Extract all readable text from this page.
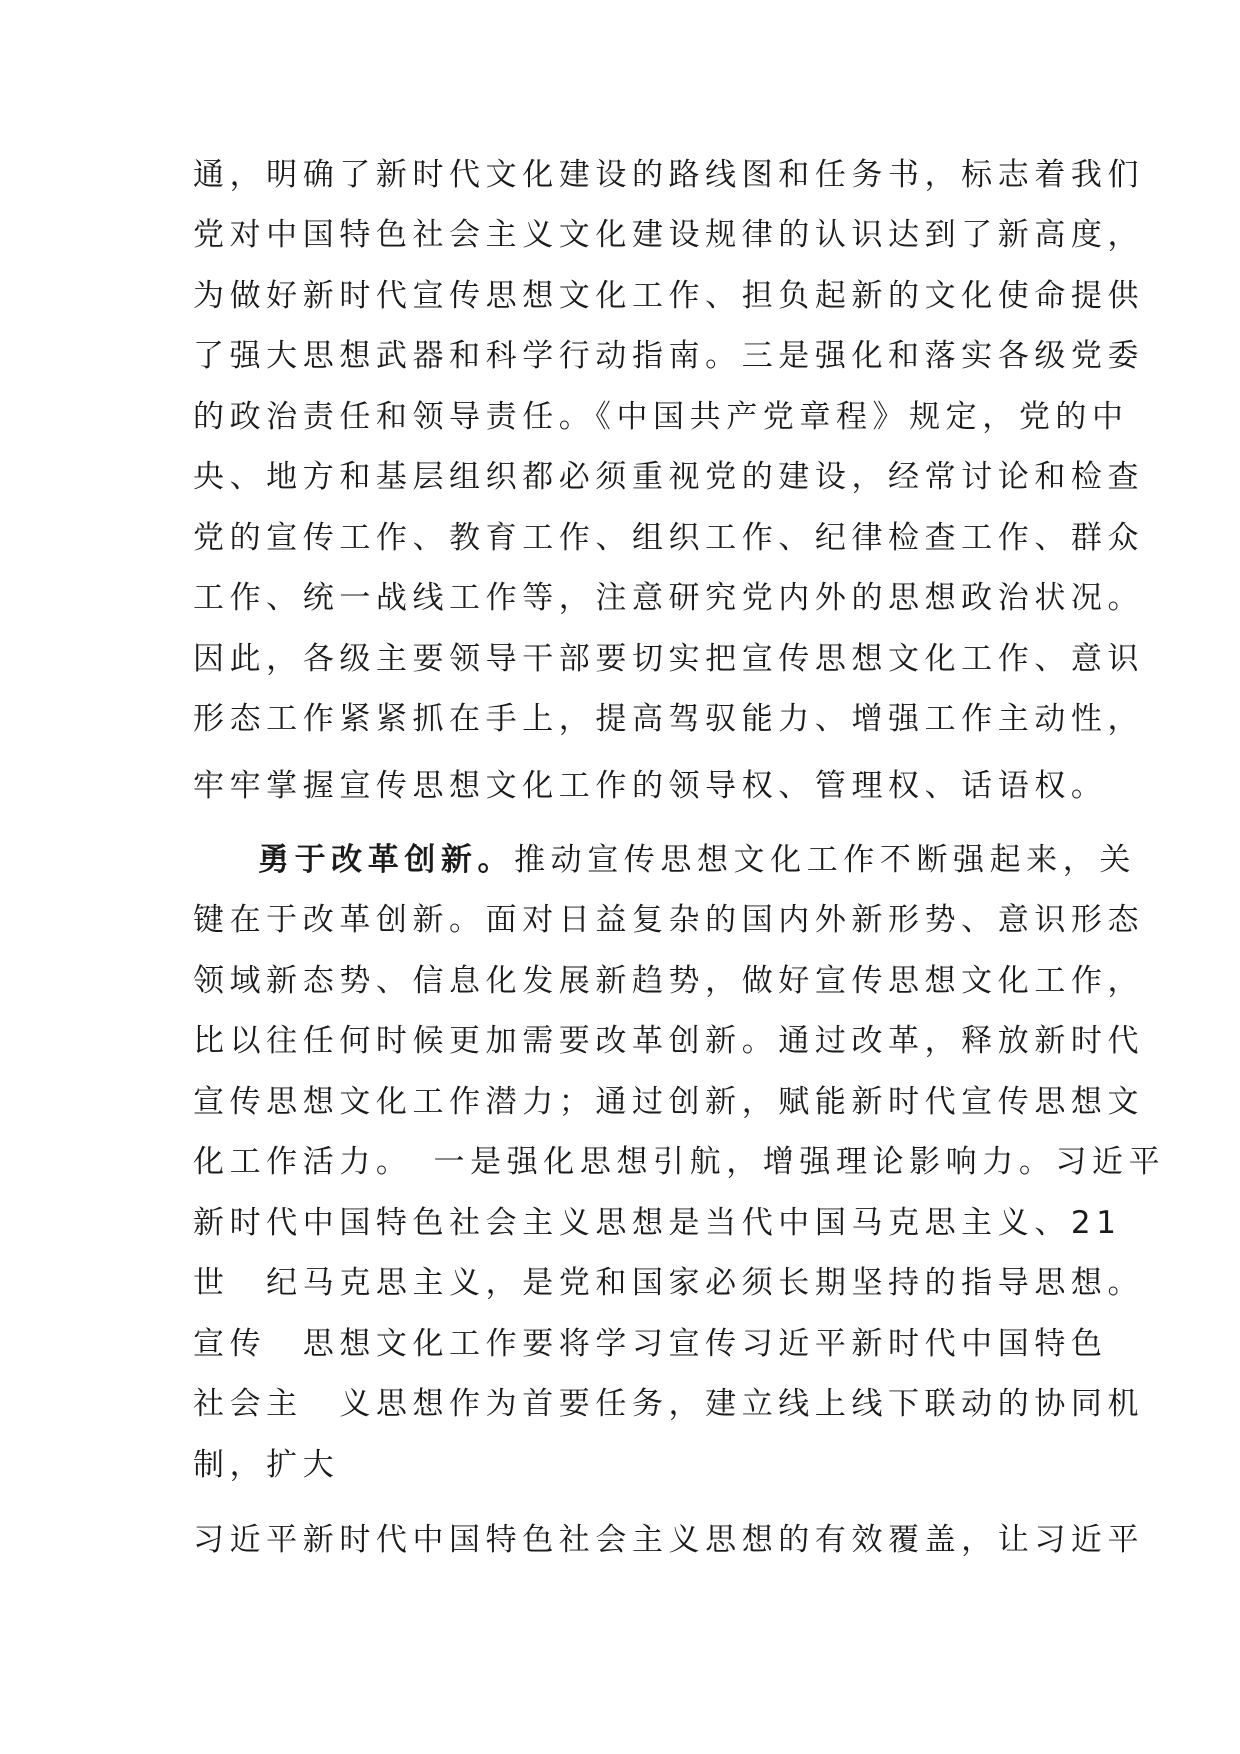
通，明确了新时代文化建设的路线图和任务书，标志着我们
党对中国特色社会主义文化建设规律的认识达到了新高度，
为做好新时代宣传思想文化工作、担负起新的文化使命提供
了强大思想武器和科学行动指南。三是强化和落实各级党委
的政治责任和领导责任。《中国共产党章程》规定，党的中
央、地方和基层组织都必须重视党的建设，经常讨论和检查
党的宣传工作、教育工作、组织工作、纪律检查工作、群众
工作、统一战线工作等，注意研究党内外的思想政治状况。
因此，各级主要领导干部要切实把宣传思想文化工作、意识
形态工作紧紧抓在手上，提高驾驭能力、增强工作主动性，
牢牢掌握宣传思想文化工作的领导权、管理权、话语权。
勇于改革创新。推动宣传思想文化工作不断强起来，关
键在于改革创新。面对日益复杂的国内外新形势、意识形态
领域新态势、信息化发展新趋势，做好宣传思想文化工作，
比以往任何时候更加需要改革创新。通过改革，释放新时代
宣传思想文化工作潜力；通过创新，赋能新时代宣传思想文
化工作活力。　一是强化思想引航，增强理论影响力。习近平
新时代中国特色社会主义思想是当代中国马克思主义、21
世　纪马克思主义，是党和国家必须长期坚持的指导思想。
宣传　思想文化工作要将学习宣传习近平新时代中国特色
社会主　义思想作为首要任务，建立线上线下联动的协同机
制，扩大
习近平新时代中国特色社会主义思想的有效覆盖，让习近平
